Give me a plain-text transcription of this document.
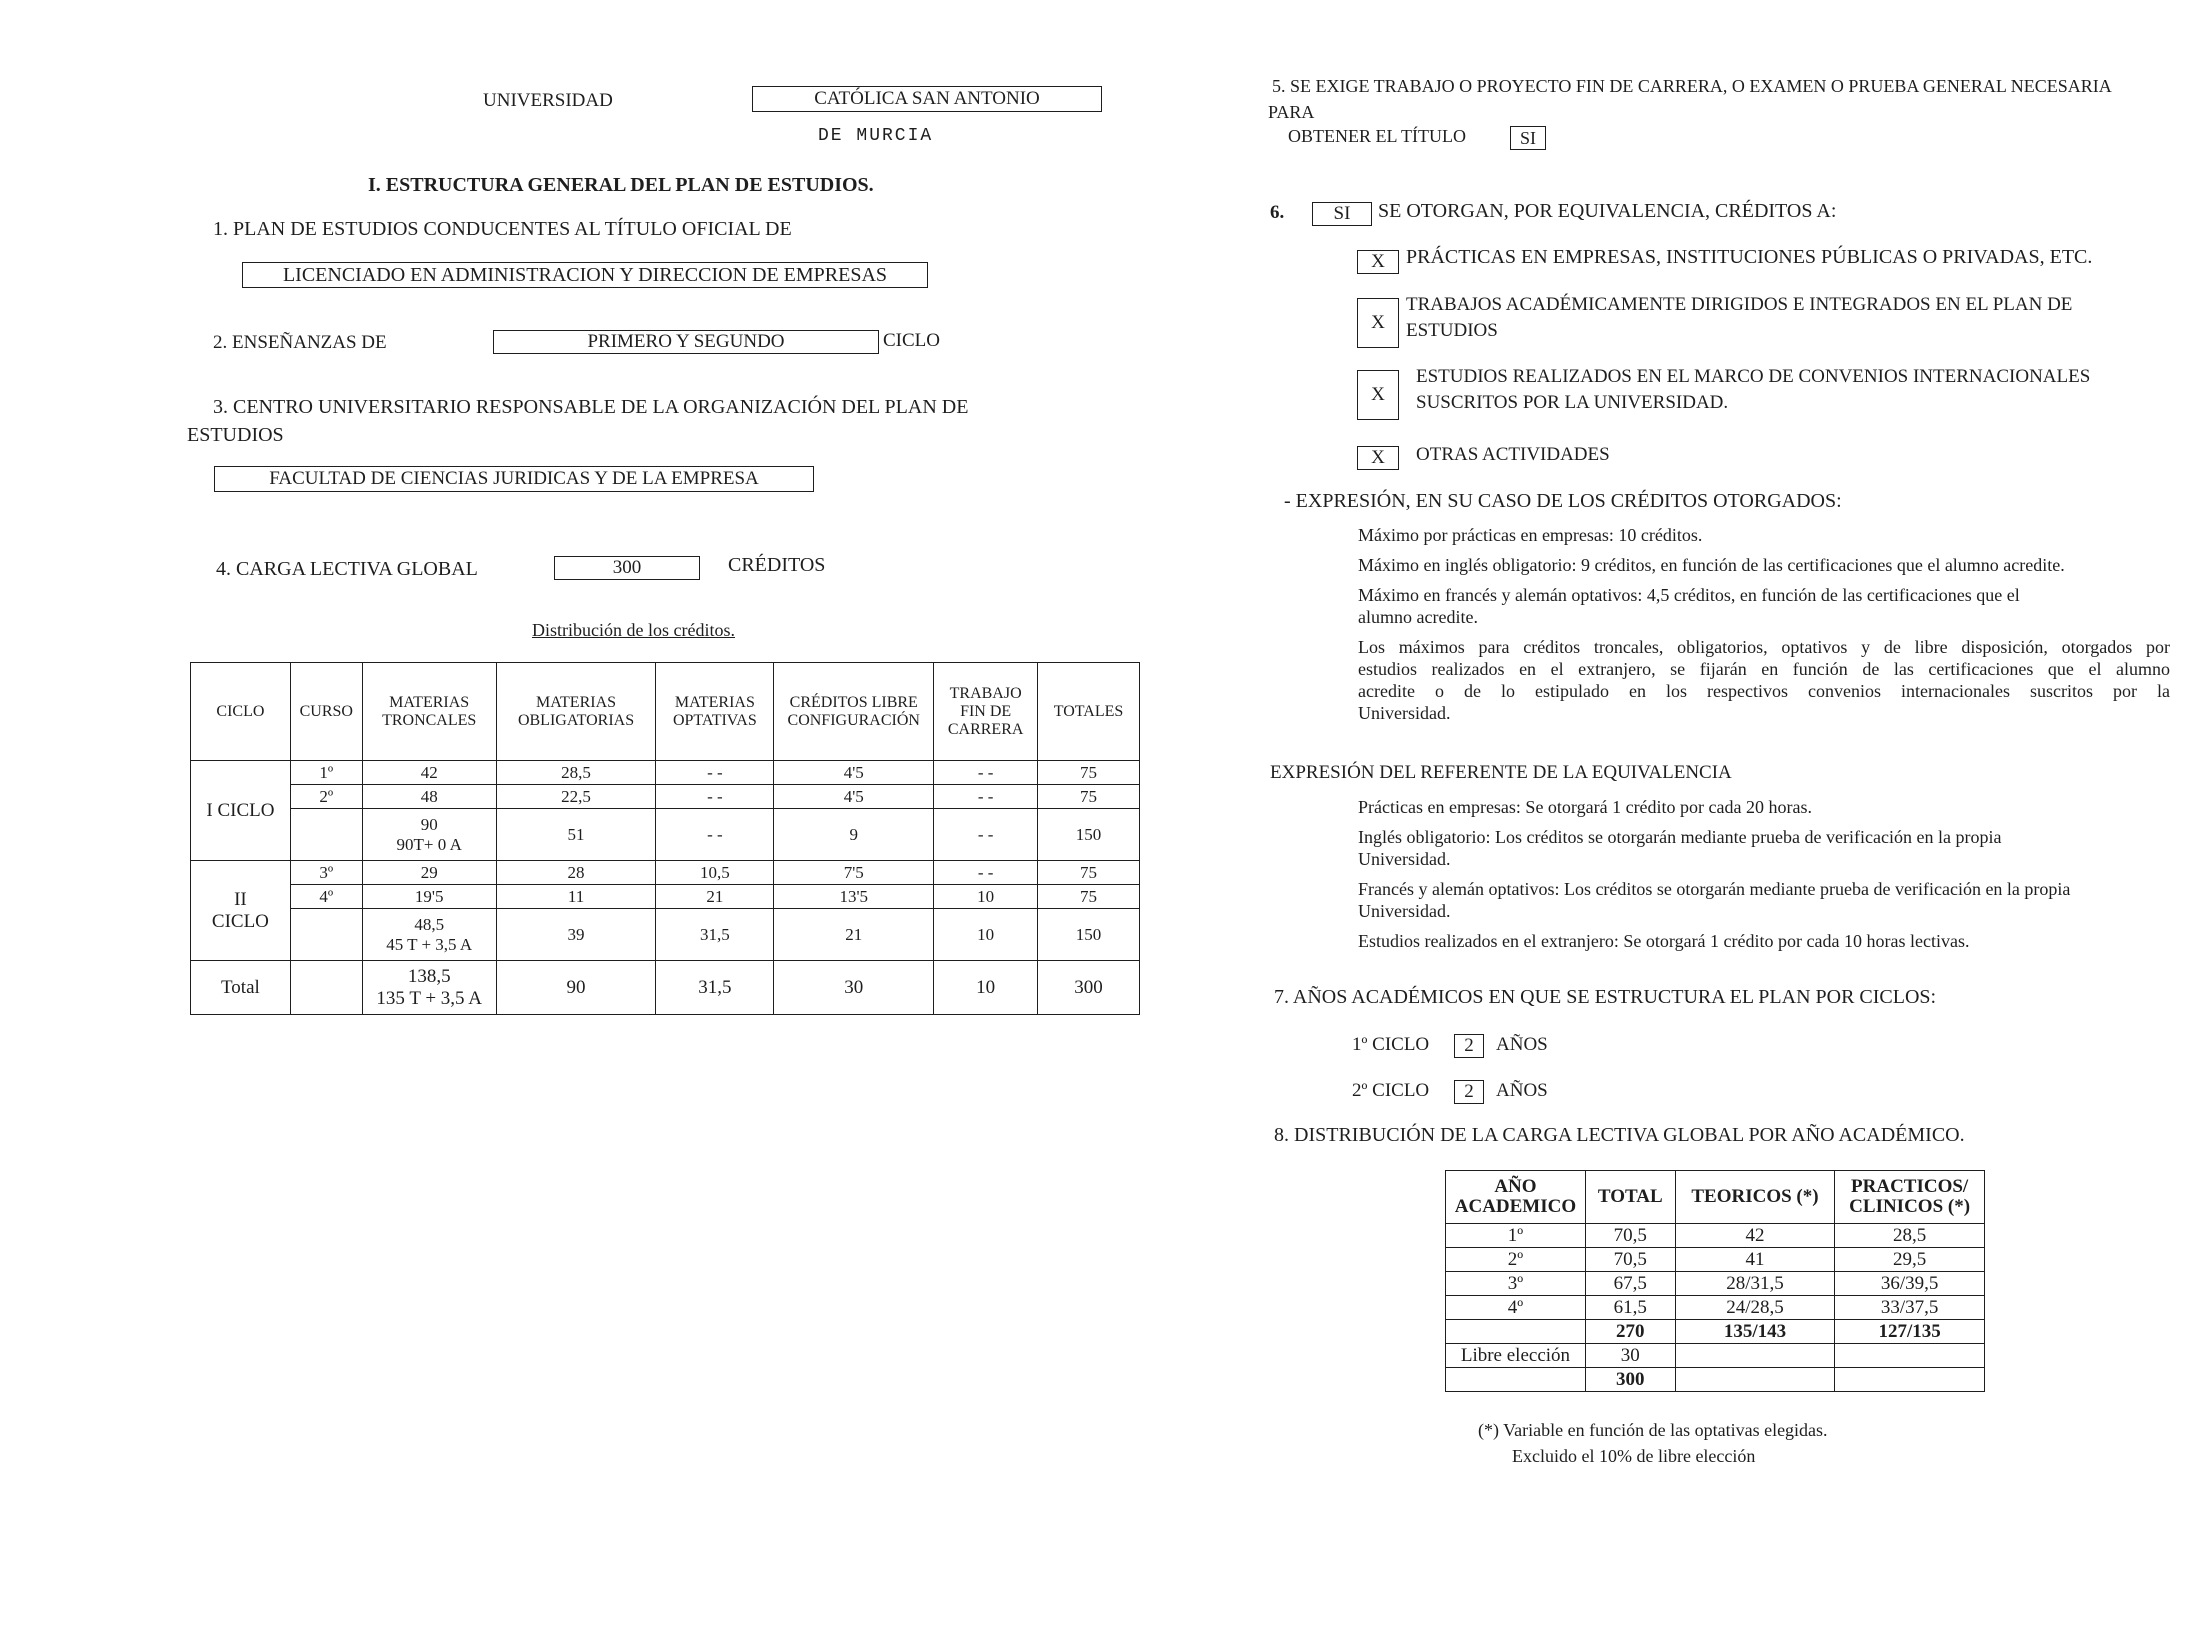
UNIVERSIDAD	CATÓLICA SAN ANTONIO
DE MURCIA
I. ESTRUCTURA GENERAL DEL PLAN DE ESTUDIOS.
1. PLAN DE ESTUDIOS CONDUCENTES AL TÍTULO OFICIAL DE
LICENCIADO EN ADMINISTRACION Y DIRECCION DE EMPRESAS
2. ENSEÑANZAS DE	PRIMERO Y SEGUNDO	CICLO
3. CENTRO UNIVERSITARIO RESPONSABLE DE LA ORGANIZACIÓN DEL PLAN DE
ESTUDIOS
FACULTAD DE CIENCIAS JURIDICAS Y DE LA EMPRESA
4. CARGA LECTIVA GLOBAL	300	CRÉDITOS
Distribución de los créditos.
CICLO	CURSO	MATERIAS TRONCALES	MATERIAS OBLIGATORIAS	MATERIAS OPTATIVAS	CRÉDITOS LIBRE CONFIGURACIÓN	TRABAJO FIN DE CARRERA	TOTALES
I CICLO	1º	42	28,5	- -	4'5	- -	75
	2º	48	22,5	- -	4'5	- -	75

		90
90T+ 0 A	51	- -	9	- -	150

II
CICLO	3º	29	28	10,5	7'5	- -	75
	4º	19'5	11	21	13'5	10	75

		48,5
45 T + 3,5 A	39	31,5	21	10	150
Total		138,5
135 T + 3,5 A	90	31,5	30	10	300
5. SE EXIGE TRABAJO O PROYECTO FIN DE CARRERA, O EXAMEN O PRUEBA GENERAL NECESARIA
PARA
OBTENER EL TÍTULO	SI
6.	SI	SE OTORGAN, POR EQUIVALENCIA, CRÉDITOS A:
X	PRÁCTICAS EN EMPRESAS, INSTITUCIONES PÚBLICAS O PRIVADAS, ETC.
X
TRABAJOS ACADÉMICAMENTE DIRIGIDOS E INTEGRADOS EN EL PLAN DE
ESTUDIOS
X
ESTUDIOS REALIZADOS EN EL MARCO DE CONVENIOS INTERNACIONALES
SUSCRITOS POR LA UNIVERSIDAD.
X	OTRAS ACTIVIDADES
- EXPRESIÓN, EN SU CASO DE LOS CRÉDITOS OTORGADOS:
Máximo por prácticas en empresas: 10 créditos.
Máximo en inglés obligatorio: 9 créditos, en función de las certificaciones que el alumno acredite.
Máximo en francés y alemán optativos: 4,5 créditos, en función de las certificaciones que el
alumno acredite.
Los máximos para créditos troncales, obligatorios, optativos y de libre disposición, otorgados por
estudios realizados en el extranjero, se fijarán en función de las certificaciones que el alumno
acredite o de lo estipulado en los respectivos convenios internacionales suscritos por la
Universidad.
EXPRESIÓN DEL REFERENTE DE LA EQUIVALENCIA
Prácticas en empresas: Se otorgará 1 crédito por cada 20 horas.
Inglés obligatorio: Los créditos se otorgarán mediante prueba de verificación en la propia
Universidad.
Francés y alemán optativos: Los créditos se otorgarán mediante prueba de verificación en la propia
Universidad.
Estudios realizados en el extranjero: Se otorgará 1 crédito por cada 10 horas lectivas.
7. AÑOS ACADÉMICOS EN QUE SE ESTRUCTURA EL PLAN POR CICLOS:
1º CICLO	2	AÑOS
2º CICLO	2	AÑOS
8. DISTRIBUCIÓN DE LA CARGA LECTIVA GLOBAL POR AÑO ACADÉMICO.
AÑO ACADEMICO	TOTAL	TEORICOS (*)	PRACTICOS/ CLINICOS (*)
1º	70,5	42	28,5
2º	70,5	41	29,5
3º	67,5	28/31,5	36/39,5
4º	61,5	24/28,5	33/37,5
	270	135/143	127/135
Libre elección	30		
	300		
(*) Variable en función de las optativas elegidas.
Excluido el 10% de libre elección
